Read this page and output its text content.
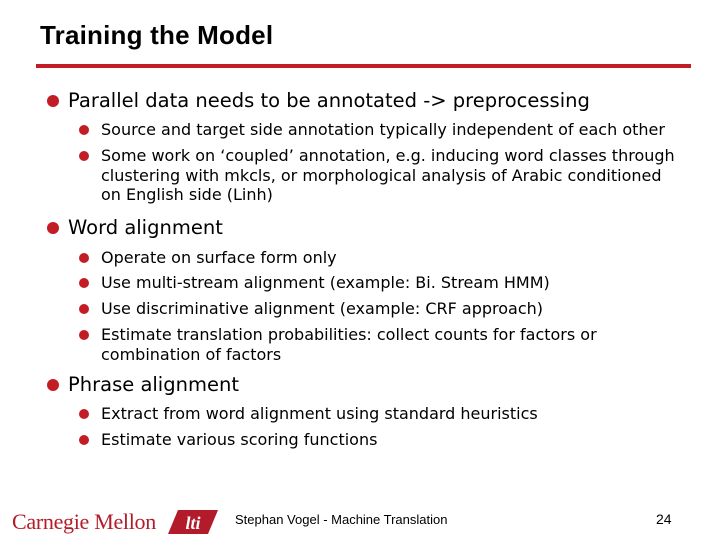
Training the Model

Parallel data needs to be annotated -> preprocessing

Source and target side annotation typically independent of each other

Some work on ‘coupled’ annotation, e.g. inducing word classes through clustering with mkcls, or morphological analysis of Arabic conditioned on English side (Linh)

Word alignment

Operate on surface form only

Use multi-stream alignment (example: Bi. Stream HMM)

Use discriminative alignment (example: CRF approach)

Estimate translation probabilities: collect counts for factors or combination of factors

Phrase alignment

Extract from word alignment using standard heuristics

Estimate various scoring functions

Carnegie Mellon lti	Stephan Vogel - Machine Translation	24
